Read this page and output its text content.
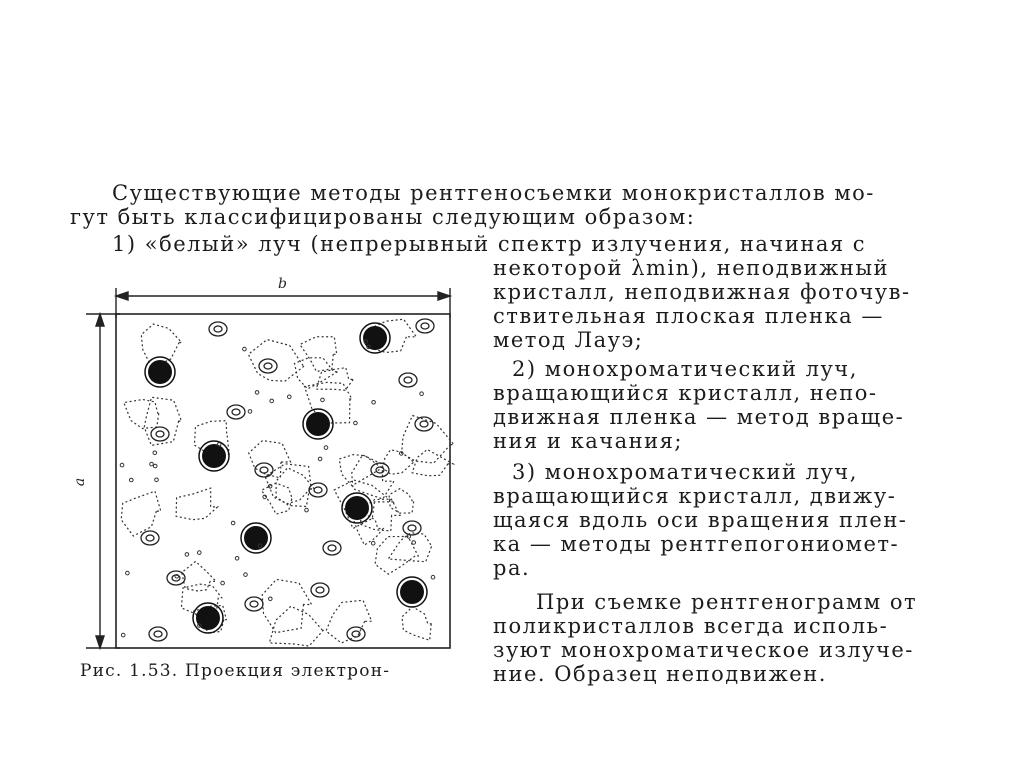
Существующие методы рентгеносъемки монокристаллов мо-
гут быть классифицированы следующим образом:
1) «белый» луч (непрерывный спектр излучения, начиная с
некоторой λmin), неподвижный
кристалл, неподвижная фоточув-
ствительная плоская пленка —
метод Лауэ;
2) монохроматический луч,
вращающийся кристалл, непо-
движная пленка — метод враще-
ния и качания;
3) монохроматический луч,
вращающийся кристалл, движу-
щаяся вдоль оси вращения плен-
ка — методы рентгепогониомет-
ра.
При съемке рентгенограмм от
поликристаллов всегда исполь-
зуют монохроматическое излуче-
ние. Образец неподвижен.
b
a
Рис. 1.53. Проекция электрон-
